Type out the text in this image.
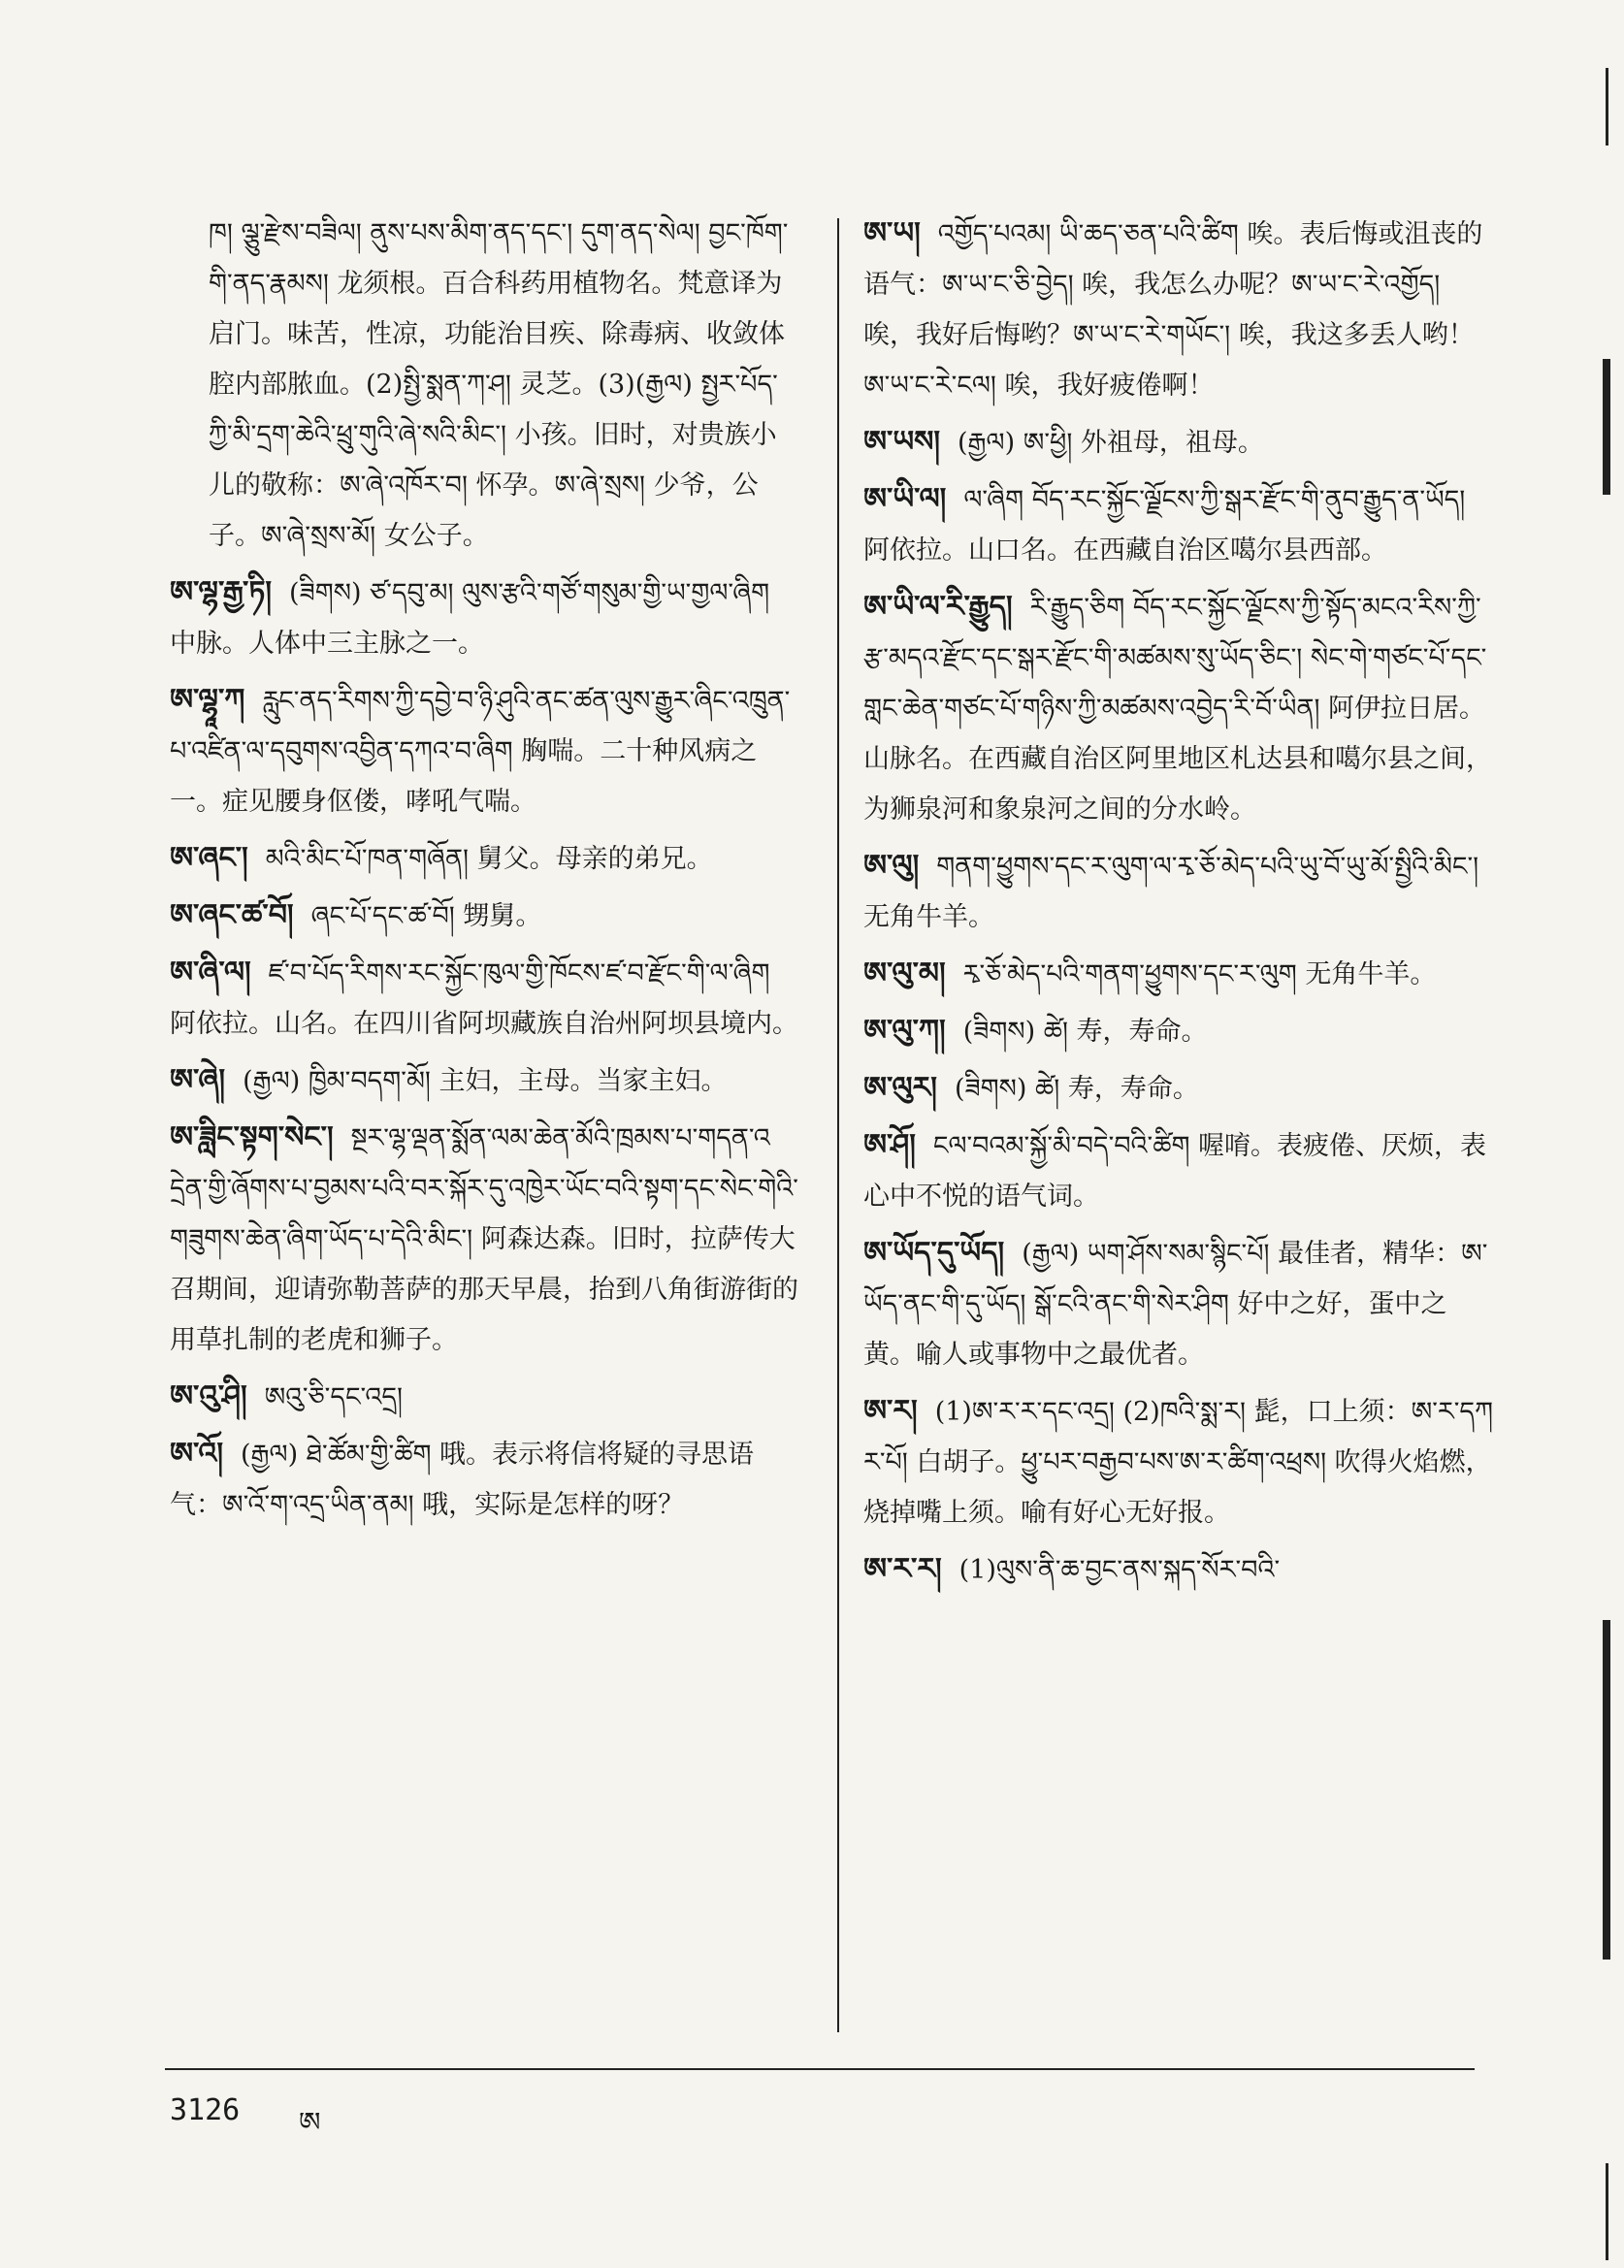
ཁ། ལྕུ་རྫེས་བཟིལ། ནུས་པས་མིག་ནད་དང་། དུག་ནད་སེལ། བྱང་ཁོག་གི་ནད་རྣམས། 龙须根。百合科药用植物名。梵意译为启门。味苦，性凉，功能治目疾、除毒病、收敛体腔内部脓血。(2)སྤྱི་སྨན་ཀ་ཤ། 灵芝。(3)(རྒྱལ) སྤྱར་པོད་ཀྱི་མི་དྲག་ཆེའི་ཕྲུ་གུའི་ཞེ་སའི་མིང་། 小孩。旧时，对贵族小儿的敬称：ཨ་ཞེ་འཁོར་བ། 怀孕。ཨ་ཞེ་སྲས། 少爷，公子。ཨ་ཞེ་སྲས་མོ། 女公子。
ཨ་ལྷ་རྒྱ་ཏི། (ཟིགས) ཙ་དབུ་མ། ལུས་རྩའི་གཙོ་གསུམ་གྱི་ཡ་གྱལ་ཞིག 中脉。人体中三主脉之一。
ཨ་ལྷཱ་ཀ རླུང་ནད་རིགས་ཀྱི་དབྱེ་བ་ཉི་ཤུའི་ནང་ཚན་ལུས་རྒྱུར་ཞིང་འཁྲུན་པ་འཛིན་ལ་དབུགས་འབྱིན་དཀའ་བ་ཞིག 胸喘。二十种风病之一。症见腰身伛偻，哮吼气喘。
ཨ་ཞང་། མའི་མིང་པོ་ཁན་གཞོན། 舅父。母亲的弟兄。
ཨ་ཞང་ཚ་བོ། ཞང་པོ་དང་ཚ་བོ། 甥舅。
ཨ་ཞི་ལ། ཛ་བ་པོད་རིགས་རང་སྐྱོང་ཁུལ་གྱི་ཁོངས་ཛ་བ་རྫོང་གི་ལ་ཞིག 阿依拉。山名。在四川省阿坝藏族自治州阿坝县境内。
ཨ་ཞེ། (རྒྱལ) ཁྱིམ་བདག་མོ། 主妇，主母。当家主妇。
ཨ་ཟླིང་སྟག་སེང་། སྔར་ལྷ་ལྡན་སྨོན་ལམ་ཆེན་མོའི་ཁྲམས་པ་གདན་འདྲེན་གྱི་ཞོགས་པ་བྱམས་པའི་བར་སྐོར་དུ་འཁྱེར་ཡོང་བའི་སྟག་དང་སེང་གེའི་གཟུགས་ཆེན་ཞིག་ཡོད་པ་དེའི་མིང་། 阿森达森。旧时，拉萨传大召期间，迎请弥勒菩萨的那天早晨，抬到八角街游街的用草扎制的老虎和狮子。
ཨ་འུ་ཤི། ཨའུ་ཅི་དང་འདྲ།
ཨ་འོ། (རྒྱལ) ཐེ་ཚོམ་གྱི་ཚིག 哦。表示将信将疑的寻思语气：ཨ་འོ་ག་འདྲ་ཡིན་ནམ། 哦，实际是怎样的呀？
ཨ་ཡ། འགྱོད་པའམ། ཡི་ཆད་ཅན་པའི་ཚིག 唉。表后悔或沮丧的语气：ཨ་ཡ་ང་ཅི་བྱེད། 唉，我怎么办呢？ཨ་ཡ་ང་རེ་འགྱོད། 唉，我好后悔哟？ཨ་ཡ་ང་རེ་གཡོང་། 唉，我这多丢人哟！ཨ་ཡ་ང་རེ་ངལ། 唉，我好疲倦啊！
ཨ་ཡས། (རྒྱལ) ཨ་ཕྱི། 外祖母，祖母。
ཨ་ཡི་ལ། ལ་ཞིག བོད་རང་སྐྱོང་ལྗོངས་ཀྱི་སྒར་རྫོང་གི་ནུབ་རྒྱུད་ན་ཡོད། 阿依拉。山口名。在西藏自治区噶尔县西部。
ཨ་ཡི་ལ་རི་རྒྱུད། རི་རྒྱུད་ཅིག བོད་རང་སྐྱོང་ལྗོངས་ཀྱི་སྟོད་མངའ་རིས་ཀྱི་རྩ་མདའ་རྫོང་དང་སྒར་རྫོང་གི་མཚམས་སུ་ཡོད་ཅིང་། སེང་གེ་གཙང་པོ་དང་གླང་ཆེན་གཙང་པོ་གཉིས་ཀྱི་མཚམས་འབྱེད་རི་བོ་ཡིན། 阿伊拉日居。山脉名。在西藏自治区阿里地区札达县和噶尔县之间，为狮泉河和象泉河之间的分水岭。
ཨ་ལུ། གནག་ཕྱུགས་དང་ར་ལུག་ལ་རྭ་ཅོ་མེད་པའི་ཡུ་བོ་ཡུ་མོ་སྤྱིའི་མིང་། 无角牛羊。
ཨ་ལུ་མ། རྭ་ཅོ་མེད་པའི་གནག་ཕྱུགས་དང་ར་ལུག 无角牛羊。
ཨ་ལུ་ཀ། (ཟིགས) ཚེ། 寿，寿命。
ཨ་ལུར། (ཟིགས) ཚེ། 寿，寿命。
ཨ་ཤོ། ངལ་བའམ་སྐྱོ་མི་བདེ་བའི་ཚིག 喔唷。表疲倦、厌烦，表心中不悦的语气词。
ཨ་ཡོད་དུ་ཡོད། (རྒྱལ) ཡག་ཤོས་སམ་སྙིང་པོ། 最佳者，精华：ཨ་ཡོད་ནང་གི་དུ་ཡོད། སྒོ་ངའི་ནང་གི་སེར་ཤིག 好中之好，蛋中之黄。喻人或事物中之最优者。
ཨ་ར། (1)ཨ་ར་ར་དང་འདྲ། (2)ཁའི་སྨ་ར། 髭，口上须：ཨ་ར་དཀར་པོ། 白胡子。ཕྱུ་པར་བརྒྱབ་པས་ཨ་ར་ཚིག་འཕྲས། 吹得火焰燃，烧掉嘴上须。喻有好心无好报。
ཨ་ར་ར། (1)ལུས་ནི་ཆ་བྱང་ནས་སྐད་སོར་བའི་
3126 ཨ
